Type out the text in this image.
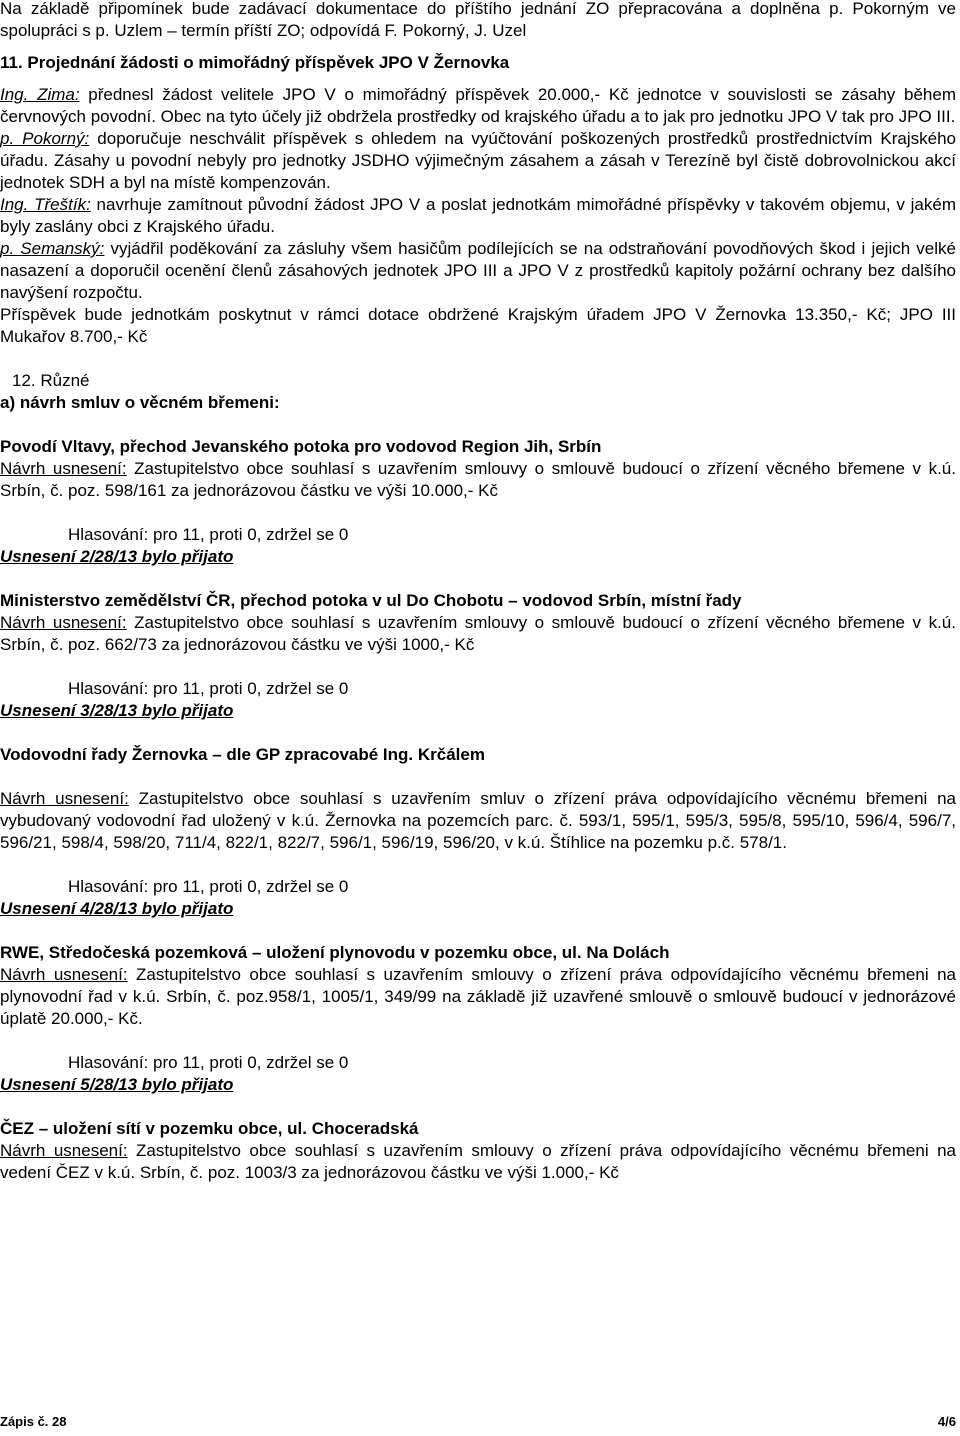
Na základě připomínek bude zadávací dokumentace do příštího jednání ZO přepracována a doplněna p. Pokorným ve spolupráci s p. Uzlem – termín příští ZO; odpovídá F. Pokorný, J. Uzel

11. Projednání žádosti o mimořádný příspěvek JPO V Žernovka

Ing. Zima: přednesl žádost velitele JPO V o mimořádný příspěvek 20.000,- Kč jednotce v souvislosti se zásahy během červnových povodní. Obec na tyto účely již obdržela prostředky od krajského úřadu a to jak pro jednotku JPO V tak pro JPO III.

p. Pokorný: doporučuje neschválit příspěvek s ohledem na vyúčtování poškozených prostředků prostřednictvím Krajského úřadu. Zásahy u povodní nebyly pro jednotky JSDHO výjimečným zásahem a zásah v Terezíně byl čistě dobrovolnickou akcí jednotek SDH a byl na místě kompenzován.

Ing. Třeštík: navrhuje zamítnout původní žádost JPO V a poslat jednotkám mimořádné příspěvky v takovém objemu, v jakém byly zaslány obci z Krajského úřadu.

p. Semanský: vyjádřil poděkování za zásluhy všem hasičům podílejících se na odstraňování povodňových škod i jejich velké nasazení a doporučil ocenění členů zásahových jednotek JPO III a JPO V z prostředků kapitoly požární ochrany bez dalšího navýšení rozpočtu.

Příspěvek bude jednotkám poskytnut v rámci dotace obdržené Krajským úřadem JPO V Žernovka 13.350,- Kč; JPO III Mukařov 8.700,- Kč

12. Různé

a) návrh smluv o věcném břemeni:

Povodí Vltavy, přechod Jevanského potoka pro vodovod Region Jih, Srbín

Návrh usnesení: Zastupitelstvo obce souhlasí s uzavřením smlouvy o smlouvě budoucí o zřízení věcného břemene v k.ú. Srbín, č. poz. 598/161 za jednorázovou částku ve výši 10.000,- Kč

Hlasování: pro 11, proti 0, zdržel se 0

Usnesení 2/28/13 bylo přijato

Ministerstvo zemědělství ČR, přechod potoka v ul Do Chobotu – vodovod Srbín, místní řady

Návrh usnesení: Zastupitelstvo obce souhlasí s uzavřením smlouvy o smlouvě budoucí o zřízení věcného břemene v k.ú. Srbín, č. poz. 662/73 za jednorázovou částku ve výši 1000,- Kč

Hlasování: pro 11, proti 0, zdržel se 0

Usnesení 3/28/13 bylo přijato

Vodovodní řady Žernovka – dle GP zpracovabé Ing. Krčálem

Návrh usnesení: Zastupitelstvo obce souhlasí s uzavřením smluv o zřízení práva odpovídajícího věcnému břemeni na vybudovaný vodovodní řad uložený v k.ú. Žernovka na pozemcích parc. č. 593/1, 595/1, 595/3, 595/8, 595/10, 596/4, 596/7, 596/21, 598/4, 598/20, 711/4, 822/1, 822/7, 596/1, 596/19, 596/20, v k.ú. Štíhlice na pozemku p.č. 578/1.

Hlasování: pro 11, proti 0, zdržel se 0

Usnesení 4/28/13 bylo přijato

RWE, Středočeská pozemková – uložení plynovodu v pozemku obce, ul. Na Dolách

Návrh usnesení: Zastupitelstvo obce souhlasí s uzavřením smlouvy o zřízení práva odpovídajícího věcnému břemeni na plynovodní řad v k.ú. Srbín, č. poz.958/1, 1005/1, 349/99 na základě již uzavřené smlouvě o smlouvě budoucí v jednorázové úplatě 20.000,- Kč.

Hlasování: pro 11, proti 0, zdržel se 0

Usnesení 5/28/13 bylo přijato

ČEZ – uložení sítí v pozemku obce, ul. Choceradská

Návrh usnesení: Zastupitelstvo obce souhlasí s uzavřením smlouvy o zřízení práva odpovídajícího věcnému břemeni na vedení ČEZ v k.ú. Srbín, č. poz. 1003/3 za jednorázovou částku ve výši 1.000,- Kč

Zápis č. 28	4/6
